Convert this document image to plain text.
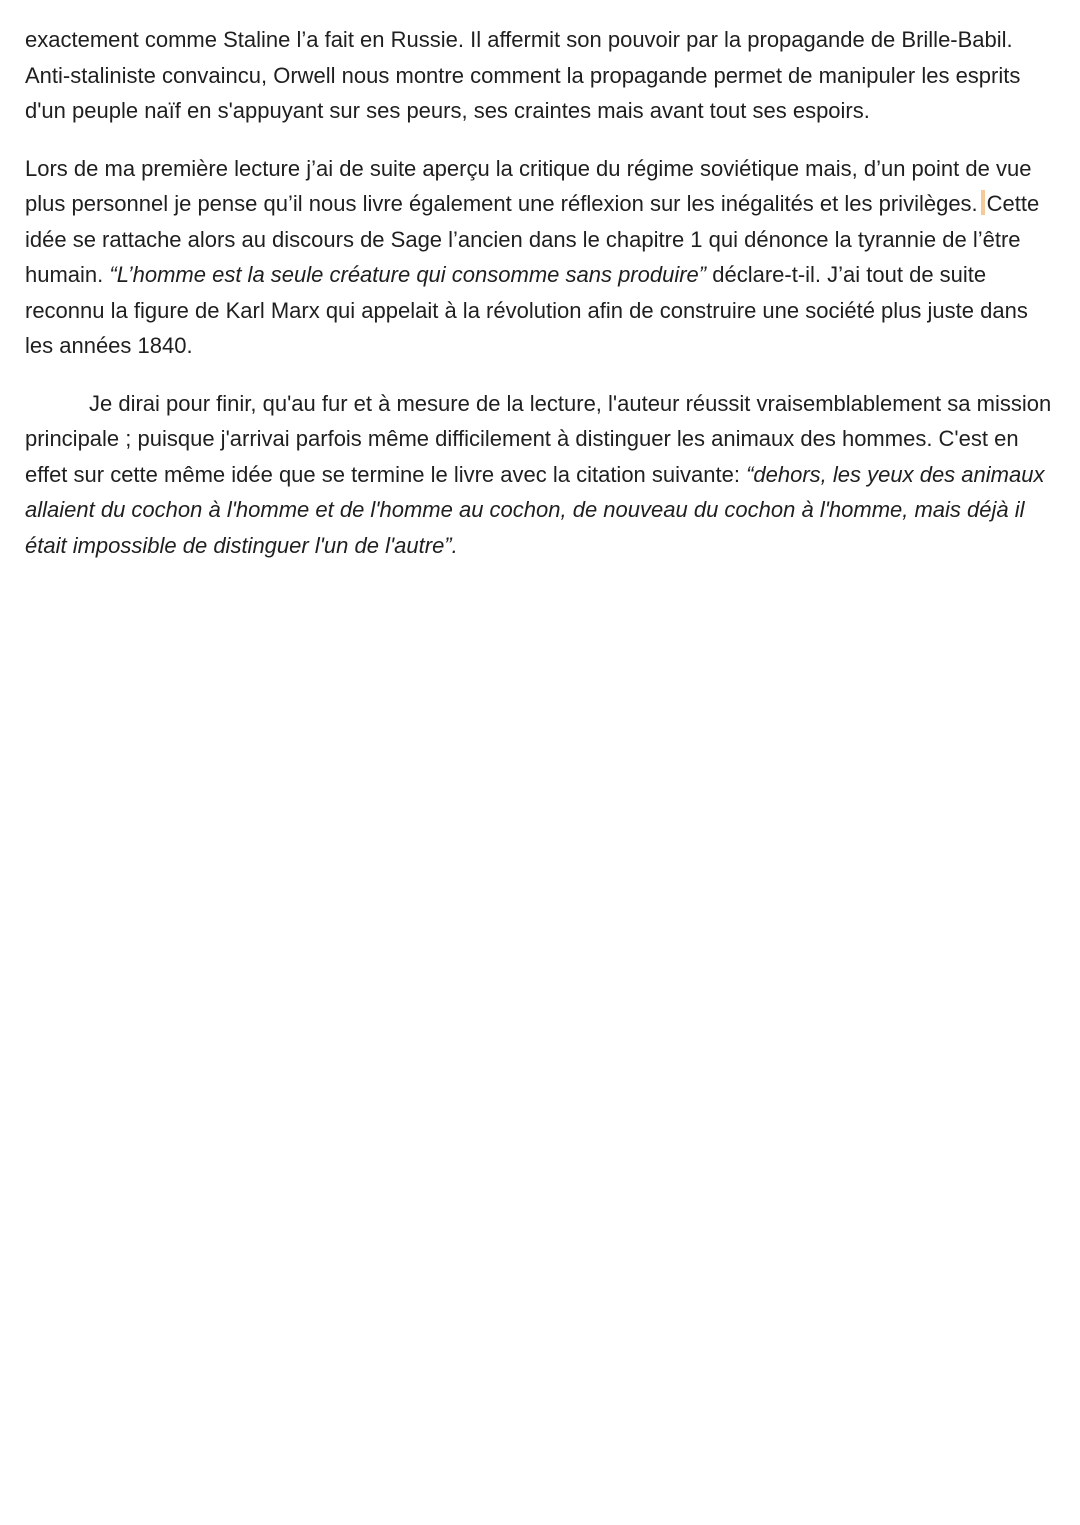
exactement comme Staline l’a fait en Russie. Il affermit son pouvoir par la propagande de Brille-Babil. Anti-staliniste convaincu, Orwell nous montre comment la propagande permet de manipuler les esprits d'un peuple naïf en s'appuyant sur ses peurs, ses craintes mais avant tout ses espoirs.

Lors de ma première lecture j’ai de suite aperçu la critique du régime soviétique mais, d’un point de vue plus personnel je pense qu’il nous livre également une réflexion sur les inégalités et les privilèges. Cette idée se rattache alors au discours de Sage l’ancien dans le chapitre 1 qui dénonce la tyrannie de l’être humain. “L’homme est la seule créature qui consomme sans produire” déclare-t-il. J’ai tout de suite reconnu la figure de Karl Marx qui appelait à la révolution afin de construire une société plus juste dans les années 1840.

Je dirai pour finir, qu'au fur et à mesure de la lecture, l'auteur réussit vraisemblablement sa mission principale ; puisque j'arrivai parfois même difficilement à distinguer les animaux des hommes. C'est en effet sur cette même idée que se termine le livre avec la citation suivante: “dehors, les yeux des animaux allaient du cochon à l'homme et de l'homme au cochon, de nouveau du cochon à l'homme, mais déjà il était impossible de distinguer l'un de l'autre”.
